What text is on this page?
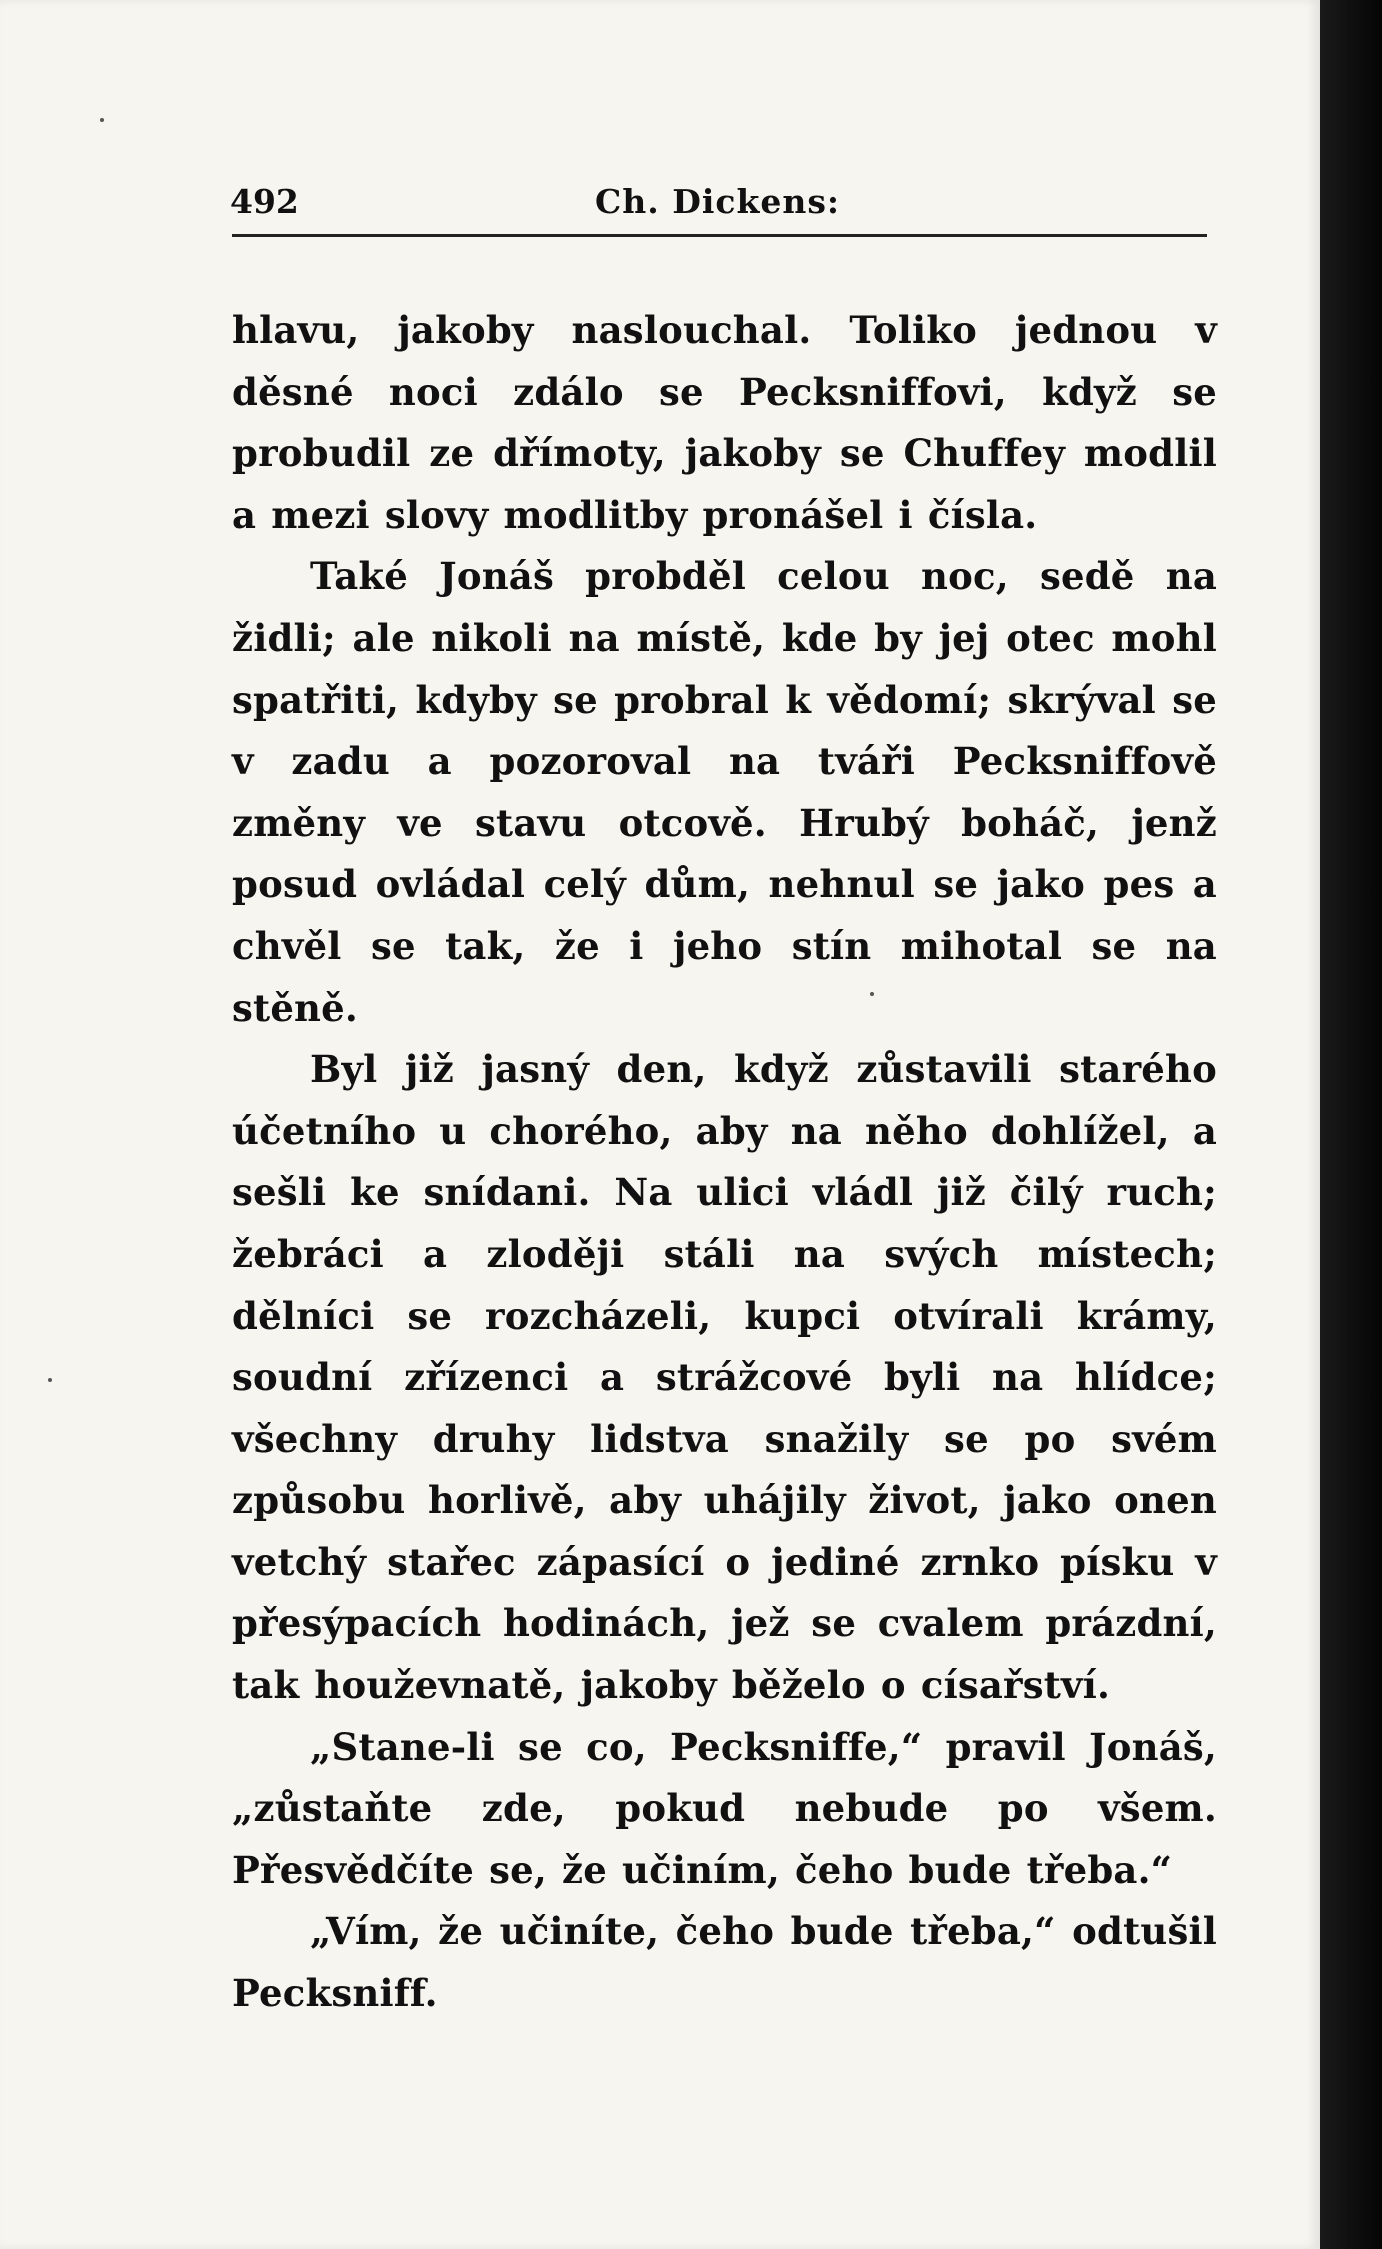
492	Ch. Dickens:

hlavu, jakoby naslouchal. Toliko jednou v děsné noci zdálo se Pecksniffovi, když se probudil ze dřímoty, jakoby se Chuffey modlil a mezi slovy modlitby pronášel i čísla.

Také Jonáš probděl celou noc, sedě na židli; ale nikoli na místě, kde by jej otec mohl spatřiti, kdyby se probral k vědomí; skrýval se v zadu a pozoroval na tváři Pecksniffově změny ve stavu otcově. Hrubý boháč, jenž posud ovládal celý dům, nehnul se jako pes a chvěl se tak, že i jeho stín mihotal se na stěně.

Byl již jasný den, když zůstavili starého účetního u chorého, aby na něho dohlížel, a sešli ke snídani. Na ulici vládl již čilý ruch; žebráci a zloději stáli na svých místech; dělníci se rozcházeli, kupci otvírali krámy, soudní zřízenci a strážcové byli na hlídce; všechny druhy lidstva snažily se po svém způsobu horlivě, aby uhájily život, jako onen vetchý stařec zápasící o jediné zrnko písku v přesýpacích hodinách, jež se cvalem prázdní, tak houževnatě, jakoby běželo o císařství.

„Stane-li se co, Pecksniffe,“ pravil Jonáš, „zůstaňte zde, pokud nebude po všem. Přesvědčíte se, že učiním, čeho bude třeba.“

„Vím, že učiníte, čeho bude třeba,“ odtušil Pecksniff.
